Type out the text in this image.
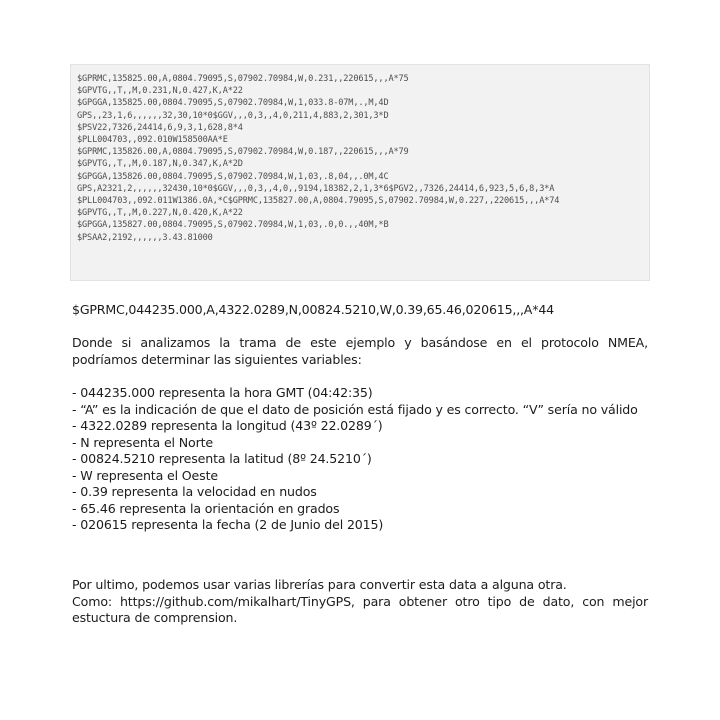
$GPRMC,135825.00,A,0804.79095,S,07902.70984,W,0.231,,220615,,,A*75
$GPVTG,,T,,M,0.231,N,0.427,K,A*22
$GPGGA,135825.00,0804.79095,S,07902.70984,W,1,033.8-07M,.,M,4D
GPS,,23,1,6,,,,,,32,30,10*0$GGV,,,0,3,,4,0,211,4,883,2,301,3*D
$PSV22,7326,24414,6,9,3,1,628,8*4
$PLL004703,,092.010W158500AA*E
$GPRMC,135826.00,A,0804.79095,S,07902.70984,W,0.187,,220615,,,A*79
$GPVTG,,T,,M,0.187,N,0.347,K,A*2D
$GPGGA,135826.00,0804.79095,S,07902.70984,W,1,03,.8,04,,.0M,4C
GPS,A2321,2,,,,,,32430,10*0$GGV,,,0,3,,4,0,,9194,18382,2,1,3*6$PGV2,,7326,24414,6,923,5,6,8,3*A
$PLL004703,,092.011W1386.0A,*C$GPRMC,135827.00,A,0804.79095,S,07902.70984,W,0.227,,220615,,,A*74
$GPVTG,,T,,M,0.227,N,0.420,K,A*22
$GPGGA,135827.00,0804.79095,S,07902.70984,W,1,03,.0,0.,,40M,*B
$PSAA2,2192,,,,,,3.43.81000
$GPRMC,044235.000,A,4322.0289,N,00824.5210,W,0.39,65.46,020615,,,A*44
Donde si analizamos la trama de este ejemplo y basándose en el protocolo NMEA, podríamos determinar las siguientes variables:
- 044235.000 representa la hora GMT (04:42:35)
- “A” es la indicación de que el dato de posición está fijado y es correcto. “V” sería no válido
- 4322.0289 representa la longitud (43º 22.0289´)
- N representa el Norte
- 00824.5210 representa la latitud (8º 24.5210´)
- W representa el Oeste
- 0.39 representa la velocidad en nudos
- 65.46 representa la orientación en grados
- 020615 representa la fecha (2 de Junio del 2015)
Por ultimo, podemos usar varias librerías para convertir esta data a alguna otra.
Como: https://github.com/mikalhart/TinyGPS, para obtener otro tipo de dato, con mejor estuctura de comprension.
